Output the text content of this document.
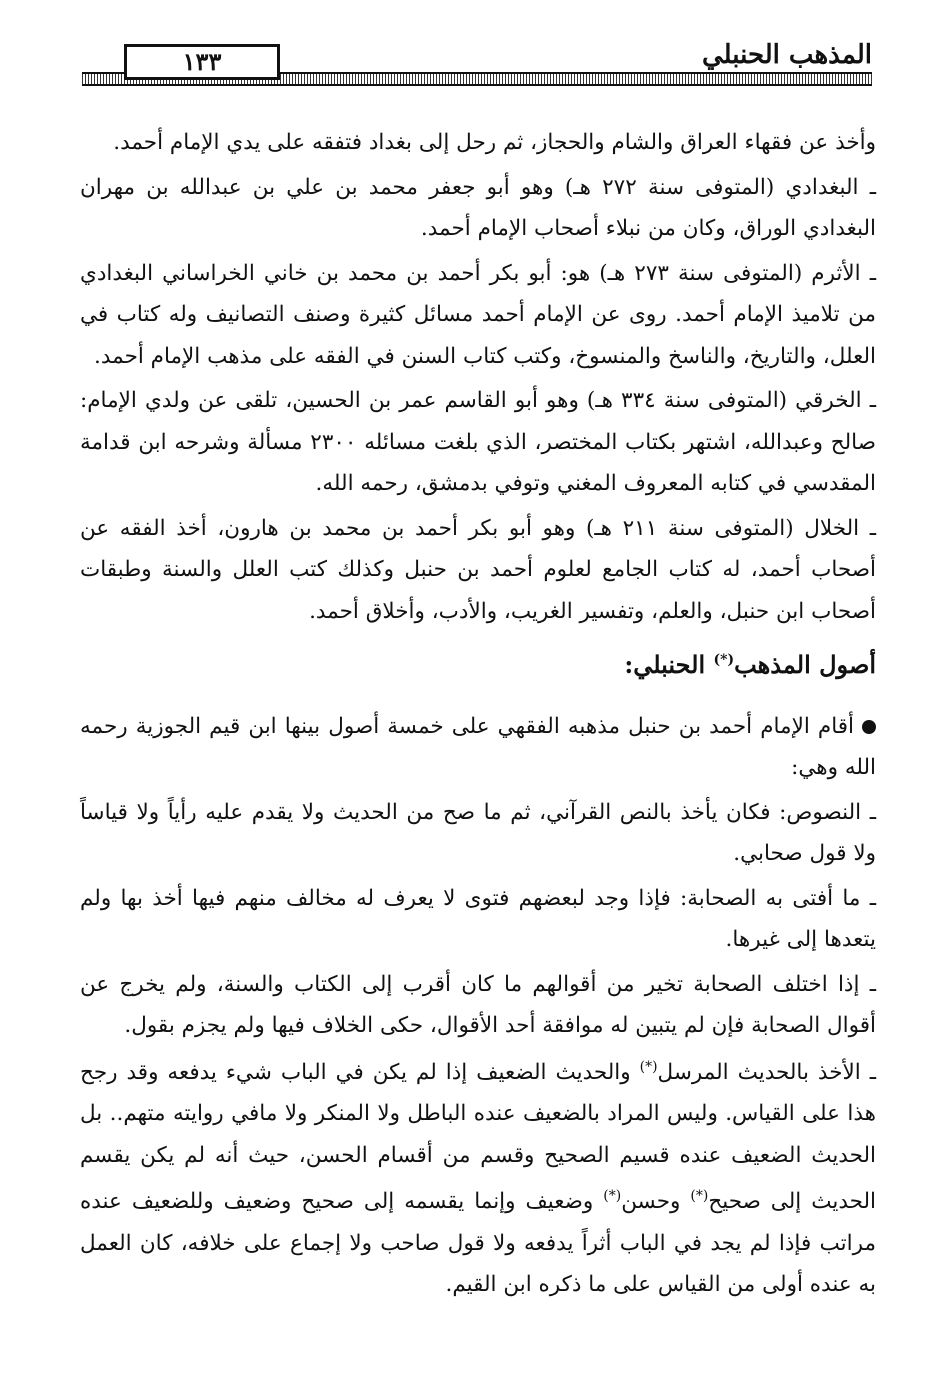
المذهب الحنبلي
١٣٣

وأخذ عن فقهاء العراق والشام والحجاز، ثم رحل إلى بغداد فتفقه على يدي الإمام أحمد.

ـ البغدادي (المتوفى سنة ٢٧٢ هـ) وهو أبو جعفر محمد بن علي بن عبدالله بن مهران البغدادي الوراق، وكان من نبلاء أصحاب الإمام أحمد.

ـ الأثرم (المتوفى سنة ٢٧٣ هـ) هو: أبو بكر أحمد بن محمد بن خاني الخراساني البغدادي من تلاميذ الإمام أحمد. روى عن الإمام أحمد مسائل كثيرة وصنف التصانيف وله كتاب في العلل، والتاريخ، والناسخ والمنسوخ، وكتب كتاب السنن في الفقه على مذهب الإمام أحمد.

ـ الخرقي (المتوفى سنة ٣٣٤ هـ) وهو أبو القاسم عمر بن الحسين، تلقى عن ولدي الإمام: صالح وعبدالله، اشتهر بكتاب المختصر، الذي بلغت مسائله ٢٣٠٠ مسألة وشرحه ابن قدامة المقدسي في كتابه المعروف المغني وتوفي بدمشق، رحمه الله.

ـ الخلال (المتوفى سنة ٢١١ هـ) وهو أبو بكر أحمد بن محمد بن هارون، أخذ الفقه عن أصحاب أحمد، له كتاب الجامع لعلوم أحمد بن حنبل وكذلك كتب العلل والسنة وطبقات أصحاب ابن حنبل، والعلم، وتفسير الغريب، والأدب، وأخلاق أحمد.

أصول المذهب(*) الحنبلي:

أقام الإمام أحمد بن حنبل مذهبه الفقهي على خمسة أصول بينها ابن قيم الجوزية رحمه الله وهي:

ـ النصوص: فكان يأخذ بالنص القرآني، ثم ما صح من الحديث ولا يقدم عليه رأياً ولا قياساً ولا قول صحابي.

ـ ما أفتى به الصحابة: فإذا وجد لبعضهم فتوى لا يعرف له مخالف منهم فيها أخذ بها ولم يتعدها إلى غيرها.

ـ إذا اختلف الصحابة تخير من أقوالهم ما كان أقرب إلى الكتاب والسنة، ولم يخرج عن أقوال الصحابة فإن لم يتبين له موافقة أحد الأقوال، حكى الخلاف فيها ولم يجزم بقول.

ـ الأخذ بالحديث المرسل(*) والحديث الضعيف إذا لم يكن في الباب شيء يدفعه وقد رجح هذا على القياس. وليس المراد بالضعيف عنده الباطل ولا المنكر ولا مافي روايته متهم.. بل الحديث الضعيف عنده قسيم الصحيح وقسم من أقسام الحسن، حيث أنه لم يكن يقسم الحديث إلى صحيح(*) وحسن(*) وضعيف وإنما يقسمه إلى صحيح وضعيف وللضعيف عنده مراتب فإذا لم يجد في الباب أثراً يدفعه ولا قول صاحب ولا إجماع على خلافه، كان العمل به عنده أولى من القياس على ما ذكره ابن القيم.
